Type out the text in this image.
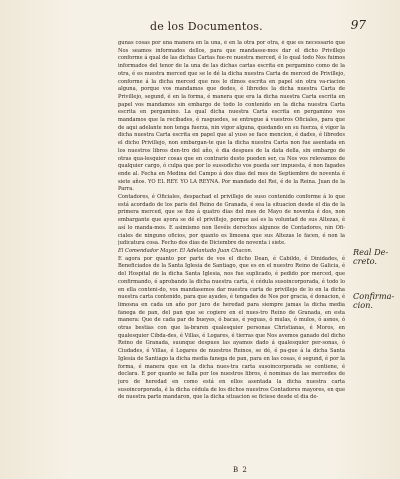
de los Documentos.	97

gunas cosas por una manera en la una, é en la otra por otra, é que es necessario que Nos seamos informados dellos, para que mandasse-mos dar el dicho Privillejo conforme á qual de las dichas Cartas fue-re nuestra merced, é lo qual todo Nos fuimos informados del tenor de la una de las dichas cartas escrita en pergamino como de la otra, é es nuestra merced que se le dé la dicha nuestra Carta de merced de Privillejo, conforme á la dicha merced que nos le dimos escrita en papel sin otra va-riacion alguna, porque vos mandamos que dedes, é libredes la dicha nuestra Carta de Privillejo, segund, é en la forma, é manera que era la dicha nuestra Carta escrita en papel vos mandamos sin embargo de todo lo contenido en la dicha nuestra Carta escrita en pergamino. La qual dicha nuestra Carta escrita en pergamino vos mandamos que la recibades, é rasguedes, se entregue á vuestros Oficiales, para que de aqui adelante non tenga fuerza, nin vigor alguna, quedando en su fuerza, é vigor la dicha nuestra Carta escrita en papel que al yuso se face mencion, é dades, é libredes el dicho Privillejo, non embargan-te que la dicha nuestra Carta non fue asentada en los nuestros libros den-tro del año, é dia despues de la data della, sin embargo de otras qua-lesquier cosas que en contrario desto pueden ser, ca Nos vos relevamos de qualquier cargo, ó culpa que por lo sussodicho vos pueda ser impuesta, é non fagades ende al. Fecha en Medina del Campo á dos dias del mes de Septiembre de noventa é siete años. YO EL REY. YO LA REYNA. Por mandado del Rei, é de la Reina. Juan de la Parra.

Contadores, é Oficiales, despachad el privillejo de suso contenido conforme á lo que está acordado de los paris del Reino de Granada, é sea la situacion desde el dia de la primera merced, que se fizo á quatro dias del mes de Mayo de noventa é dos, non embargante que ayora se dé el privillejo, porque así es la voluntad de sus Altezas, é así lo manda-mos. E asimismo non llevéis derechos algunos de Contadores, nin Ofi-ciales de ninguno oficios, por quanto es limosna que sus Altezas le facen, é non la judicatura cosa. Fecho dos dias de Diciembre de noventa i siete.

El Comendador Mayor. El Adelantado Juan Chacon.

E agora por quanto por parte de vos el dicho Dean, é Cabildo, é Dinidades, é Beneficiados de la Santa Iglesia de Santiago, que es en el nuestro Reino de Galicia, é del Hospital de la dicha Santa Iglesia, nos fue suplicado, é pedido por merced, que confirmando, é aprobando la dicha nuestra carta, é cédula susoincorporada, é todo lo en ella conteni-do, vos mandasemos dar nuestra carta de privillejo de lo en la dicha nuestra carta contenido, para que ayades, é tengades de Nos por gracia, é donacion, é limosna en cada un año por juro de heredad para siempre jamas la dicha media fanega de pan, del pan que se cogiere en el nues-tro Reino de Granada, en esta manera: Que de cada par de bueyes, ó bacas, é yeguas, ó mulas, ó mulos, ó asnos, ó otras bestias con que la-braren qualesquier personas Christianas, é Moros, en qualesquier Cibda-des, é Villas, é Logares, é tierras que Nos avemos ganado del dicho Reino de Granada, suunque despues las ayamos dado á qualesquier per-sonas, ó Ciudades, é Villas, é Logares de nuestros Reinos, se dé, é pa-gue á la dicha Santa Iglesia de Santiago la dicha media fanega de pan, para en las cosas, é segund, é por la forma, é manera que en la dicha nues-tra carta susoincorporada se contiene, é declara. E por quanto se falla por los nuestros libros, é nominas de las mercedes de juro de heredad en como está en ellos asentada la dicha nuestra carta susoincorporada, é la dicha cédula de los dichos nuestros Contadores mayores, en que de nuestra parte mandaron, que la dicha situacion se ficiese desde el dia de-

Real De-creto.
Confirma-cion.
B 2
